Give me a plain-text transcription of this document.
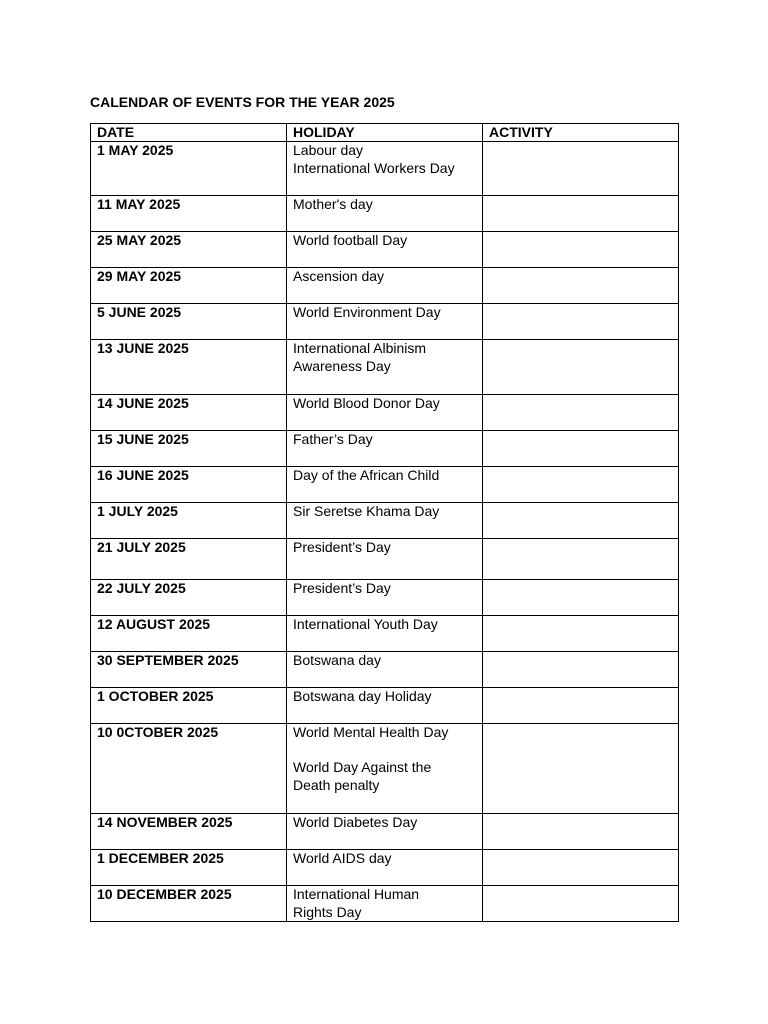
CALENDAR OF EVENTS FOR THE YEAR 2025
DATE	HOLIDAY	ACTIVITY
1 MAY 2025	Labour day
International Workers Day	

11 MAY 2025	Mother's day	

25 MAY 2025	World football Day	

29 MAY 2025	Ascension day	

5 JUNE 2025	World Environment Day	

13 JUNE 2025	International Albinism
Awareness Day	

14 JUNE 2025	World Blood Donor Day	

15 JUNE 2025	Father’s Day	

16 JUNE 2025	Day of the African Child	

1 JULY 2025	Sir Seretse Khama Day	

21 JULY 2025	President’s Day	

22 JULY 2025	President’s Day	

12 AUGUST 2025	International Youth Day	

30 SEPTEMBER 2025	Botswana day	

1 OCTOBER 2025	Botswana day Holiday	

10 0CTOBER 2025	World Mental Health Day
World Day Against the
Death penalty	

14 NOVEMBER 2025	World Diabetes Day	

1 DECEMBER 2025	World AIDS day	

10 DECEMBER 2025	International Human
Rights Day	
